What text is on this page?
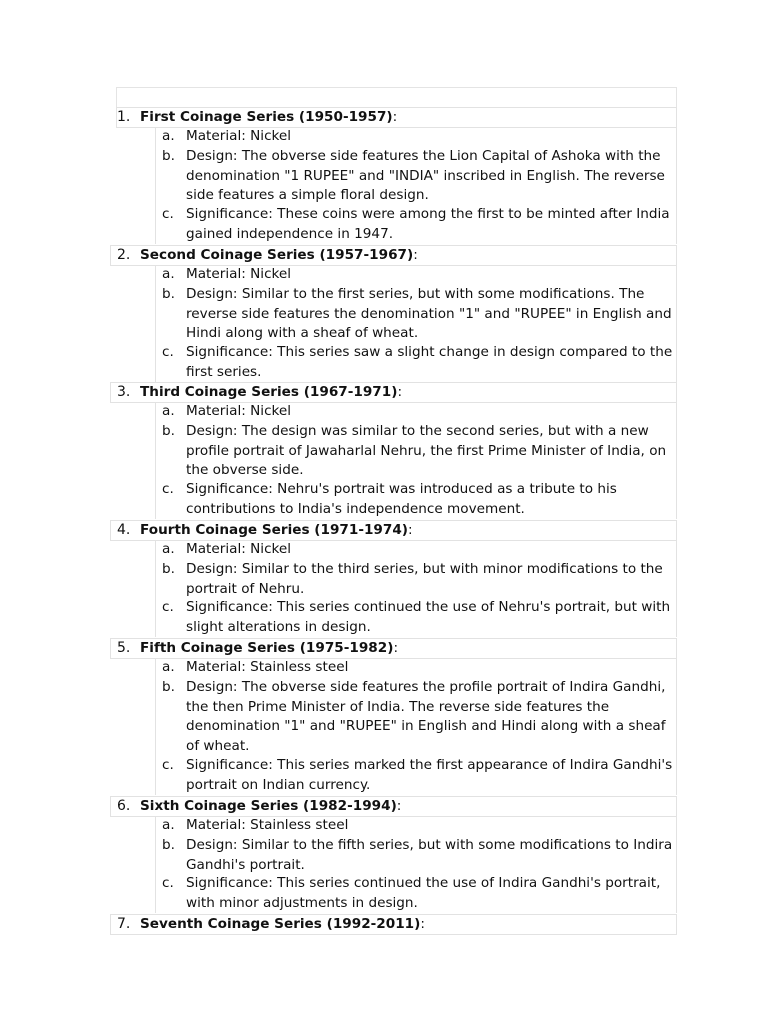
1. First Coinage Series (1950-1957):
a. Material: Nickel
b. Design: The obverse side features the Lion Capital of Ashoka with the denomination "1 RUPEE" and "INDIA" inscribed in English. The reverse side features a simple floral design.
c. Significance: These coins were among the first to be minted after India gained independence in 1947.
2. Second Coinage Series (1957-1967):
a. Material: Nickel
b. Design: Similar to the first series, but with some modifications. The reverse side features the denomination "1" and "RUPEE" in English and Hindi along with a sheaf of wheat.
c. Significance: This series saw a slight change in design compared to the first series.
3. Third Coinage Series (1967-1971):
a. Material: Nickel
b. Design: The design was similar to the second series, but with a new profile portrait of Jawaharlal Nehru, the first Prime Minister of India, on the obverse side.
c. Significance: Nehru's portrait was introduced as a tribute to his contributions to India's independence movement.
4. Fourth Coinage Series (1971-1974):
a. Material: Nickel
b. Design: Similar to the third series, but with minor modifications to the portrait of Nehru.
c. Significance: This series continued the use of Nehru's portrait, but with slight alterations in design.
5. Fifth Coinage Series (1975-1982):
a. Material: Stainless steel
b. Design: The obverse side features the profile portrait of Indira Gandhi, the then Prime Minister of India. The reverse side features the denomination "1" and "RUPEE" in English and Hindi along with a sheaf of wheat.
c. Significance: This series marked the first appearance of Indira Gandhi's portrait on Indian currency.
6. Sixth Coinage Series (1982-1994):
a. Material: Stainless steel
b. Design: Similar to the fifth series, but with some modifications to Indira Gandhi's portrait.
c. Significance: This series continued the use of Indira Gandhi's portrait, with minor adjustments in design.
7. Seventh Coinage Series (1992-2011):
